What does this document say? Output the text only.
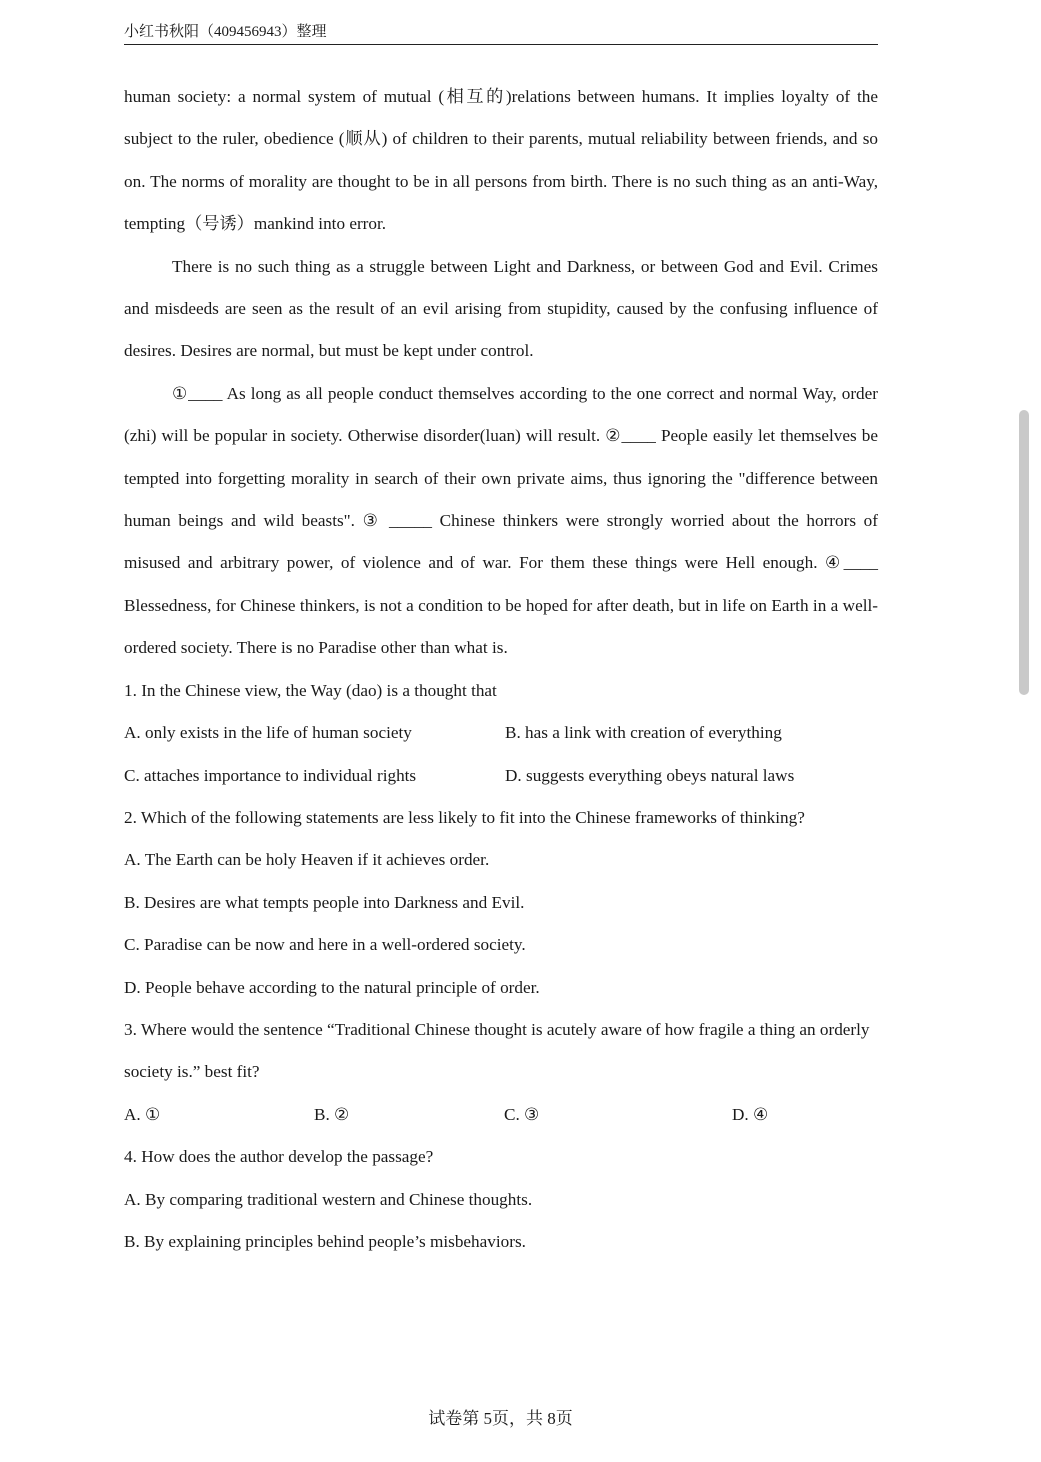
小红书秋阳（409456943）整理

human society: a normal system of mutual (相互的)relations between humans. It implies loyalty of the subject to the ruler, obedience (顺从) of children to their parents, mutual reliability between friends, and so on. The norms of morality are thought to be in all persons from birth. There is no such thing as an anti-Way, tempting（号诱）mankind into error.

There is no such thing as a struggle between Light and Darkness, or between God and Evil. Crimes and misdeeds are seen as the result of an evil arising from stupidity, caused by the confusing influence of desires. Desires are normal, but must be kept under control.

①____ As long as all people conduct themselves according to the one correct and normal Way, order (zhi) will be popular in society. Otherwise disorder(luan) will result. ②____ People easily let themselves be tempted into forgetting morality in search of their own private aims, thus ignoring the "difference between human beings and wild beasts". ③ _____ Chinese thinkers were strongly worried about the horrors of misused and arbitrary power, of violence and of war. For them these things were Hell enough. ④____ Blessedness, for Chinese thinkers, is not a condition to be hoped for after death, but in life on Earth in a well-ordered society. There is no Paradise other than what is.

1. In the Chinese view, the Way (dao) is a thought that

A. only exists in the life of human society	B. has a link with creation of everything
C. attaches importance to individual rights	D. suggests everything obeys natural laws

2. Which of the following statements are less likely to fit into the Chinese frameworks of thinking?

A. The Earth can be holy Heaven if it achieves order.

B. Desires are what tempts people into Darkness and Evil.

C. Paradise can be now and here in a well-ordered society.

D. People behave according to the natural principle of order.

3. Where would the sentence “Traditional Chinese thought is acutely aware of how fragile a thing an orderly society is.” best fit?

A. ①	B. ②	C. ③	D. ④

4. How does the author develop the passage?

A. By comparing traditional western and Chinese thoughts.

B. By explaining principles behind people’s misbehaviors.

试卷第 5页，共 8页
